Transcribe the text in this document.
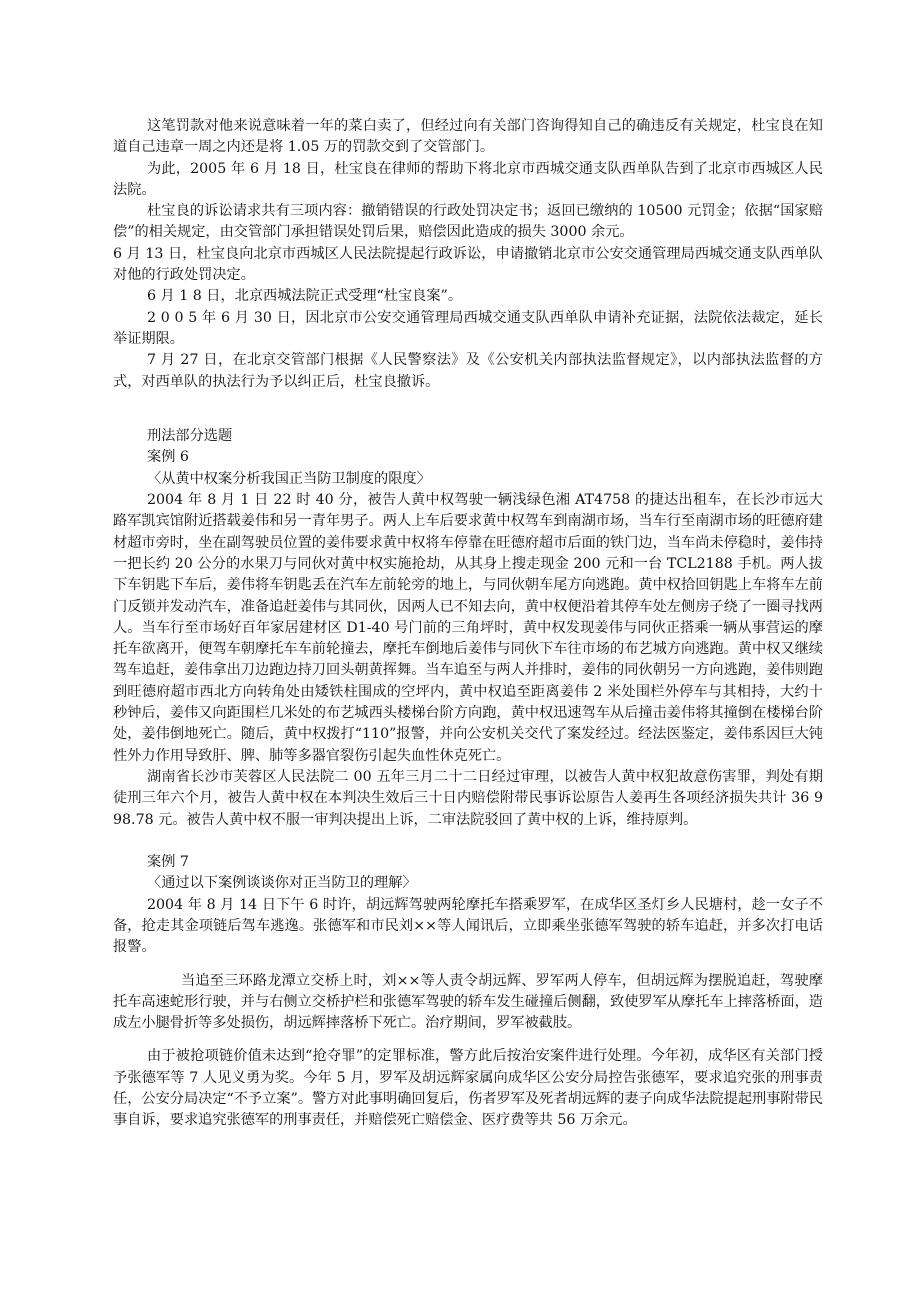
这笔罚款对他来说意味着一年的菜白卖了，但经过向有关部门咨询得知自己的确违反有关规定，杜宝良在知道自己违章一周之内还是将 1.05 万的罚款交到了交管部门。

为此，2005 年 6 月 18 日，杜宝良在律师的帮助下将北京市西城交通支队西单队告到了北京市西城区人民法院。

杜宝良的诉讼请求共有三项内容：撤销错误的行政处罚决定书；返回已缴纳的 10500 元罚金；依据“国家赔偿”的相关规定，由交管部门承担错误处罚后果，赔偿因此造成的损失 3000 余元。

6 月 13 日，杜宝良向北京市西城区人民法院提起行政诉讼，申请撤销北京市公安交通管理局西城交通支队西单队对他的行政处罚决定。

6 月 1 8 日，北京西城法院正式受理“杜宝良案”。

2 0 0 5 年 6 月 30 日，因北京市公安交通管理局西城交通支队西单队申请补充证据，法院依法裁定，延长举证期限。

7 月 27 日，在北京交管部门根据《人民警察法》及《公安机关内部执法监督规定》，以内部执法监督的方式，对西单队的执法行为予以纠正后，杜宝良撤诉。

刑法部分选题

案例 6

〈从黄中权案分析我国正当防卫制度的限度〉

2004 年 8 月 1 日 22 时 40 分，被告人黄中权驾驶一辆浅绿色湘 AT4758 的捷达出租车，在长沙市远大路军凯宾馆附近搭载姜伟和另一青年男子。两人上车后要求黄中权驾车到南湖市场，当车行至南湖市场的旺德府建材超市旁时，坐在副驾驶员位置的姜伟要求黄中权将车停靠在旺德府超市后面的铁门边，当车尚未停稳时，姜伟持一把长约 20 公分的水果刀与同伙对黄中权实施抢劫，从其身上搜走现金 200 元和一台 TCL2188 手机。两人拔下车钥匙下车后，姜伟将车钥匙丢在汽车左前轮旁的地上，与同伙朝车尾方向逃跑。黄中权拾回钥匙上车将车左前门反锁并发动汽车，准备追赶姜伟与其同伙，因两人已不知去向，黄中权便沿着其停车处左侧房子绕了一圈寻找两人。当车行至市场好百年家居建材区 D1-40 号门前的三角坪时，黄中权发现姜伟与同伙正搭乘一辆从事营运的摩托车欲离开，便驾车朝摩托车车前轮撞去，摩托车倒地后姜伟与同伙下车往市场的布艺城方向逃跑。黄中权又继续驾车追赶，姜伟拿出刀边跑边持刀回头朝黄挥舞。当车追至与两人并排时，姜伟的同伙朝另一方向逃跑，姜伟则跑到旺德府超市西北方向转角处由矮铁柱围成的空坪内，黄中权追至距离姜伟 2 米处围栏外停车与其相持，大约十秒钟后，姜伟又向距围栏几米处的布艺城西头楼梯台阶方向跑，黄中权迅速驾车从后撞击姜伟将其撞倒在楼梯台阶处，姜伟倒地死亡。随后，黄中权拨打“110”报警，并向公安机关交代了案发经过。经法医鉴定，姜伟系因巨大钝性外力作用导致肝、脾、肺等多器官裂伤引起失血性休克死亡。

湖南省长沙市芙蓉区人民法院二 00 五年三月二十二日经过审理，以被告人黄中权犯故意伤害罪，判处有期徒刑三年六个月，被告人黄中权在本判决生效后三十日内赔偿附带民事诉讼原告人姜再生各项经济损失共计 36 998.78 元。被告人黄中权不服一审判决提出上诉，二审法院驳回了黄中权的上诉，维持原判。

案例 7

〈通过以下案例谈谈你对正当防卫的理解〉

2004 年 8 月 14 日下午 6 时许，胡远辉驾驶两轮摩托车搭乘罗军，在成华区圣灯乡人民塘村，趁一女子不备，抢走其金项链后驾车逃逸。张德军和市民刘××等人闻讯后，立即乘坐张德军驾驶的轿车追赶，并多次打电话报警。

当追至三环路龙潭立交桥上时，刘××等人责令胡远辉、罗军两人停车，但胡远辉为摆脱追赶，驾驶摩托车高速蛇形行驶，并与右侧立交桥护栏和张德军驾驶的轿车发生碰撞后侧翻，致使罗军从摩托车上摔落桥面，造成左小腿骨折等多处损伤，胡远辉摔落桥下死亡。治疗期间，罗军被截肢。

由于被抢项链价值未达到“抢夺罪”的定罪标准，警方此后按治安案件进行处理。今年初，成华区有关部门授予张德军等 7 人见义勇为奖。今年 5 月，罗军及胡远辉家属向成华区公安分局控告张德军，要求追究张的刑事责任，公安分局决定“不予立案”。警方对此事明确回复后，伤者罗军及死者胡远辉的妻子向成华法院提起刑事附带民事自诉，要求追究张德军的刑事责任，并赔偿死亡赔偿金、医疗费等共 56 万余元。
